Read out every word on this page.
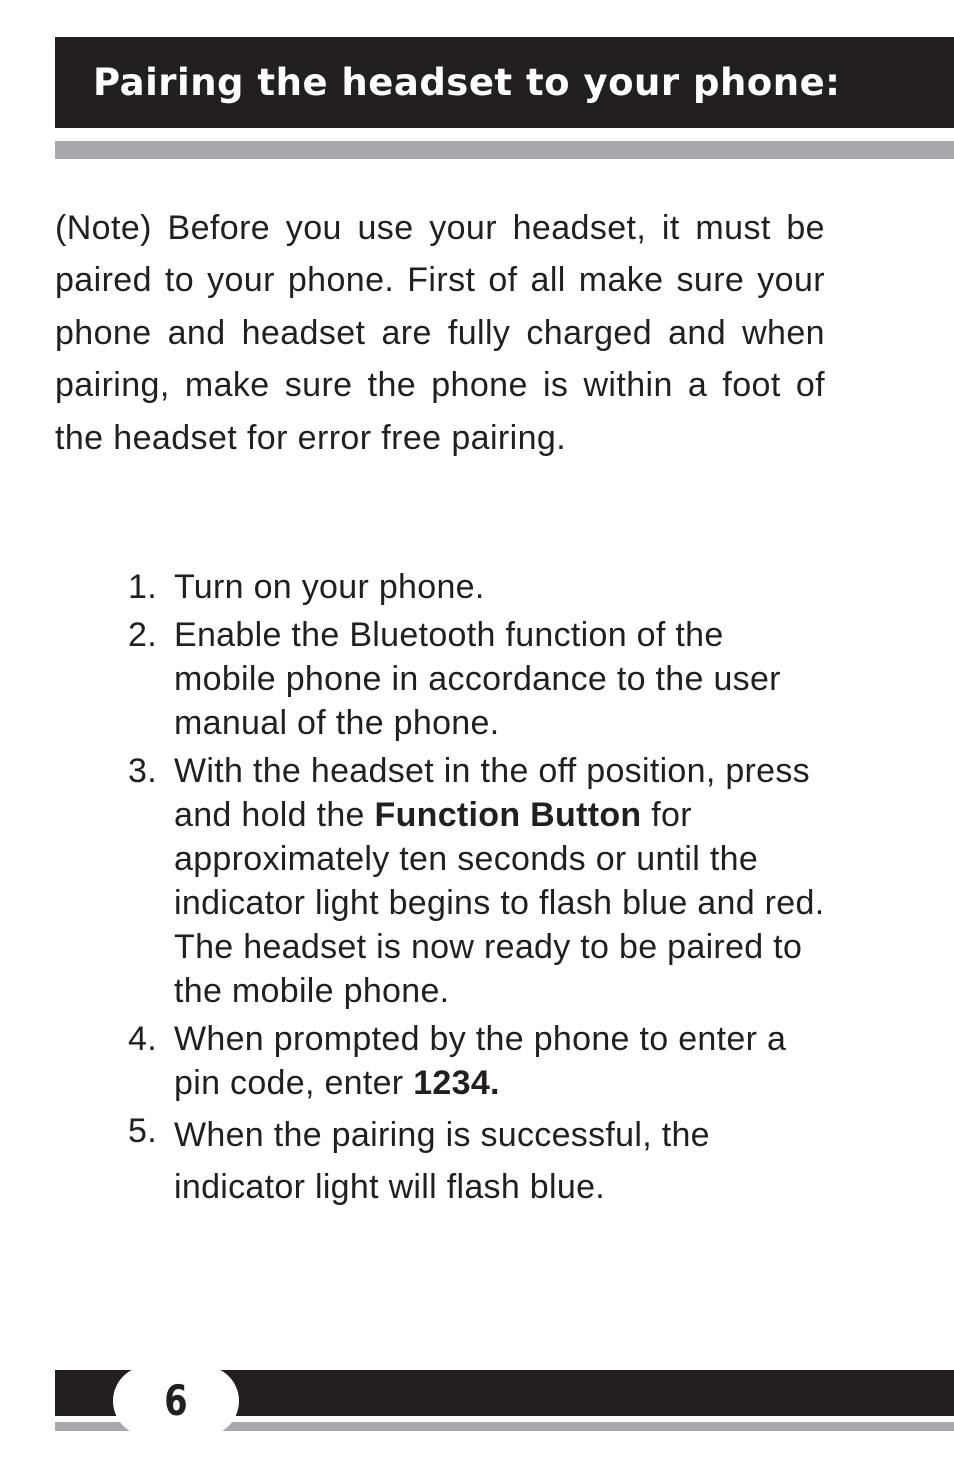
Pairing the headset to your phone:

(Note) Before you use your headset, it must be paired to your phone. First of all make sure your phone and headset are fully charged and when pairing, make sure the phone is within a foot of the headset for error free pairing.

1. Turn on your phone.
2. Enable the Bluetooth function of the mobile phone in accordance to the user manual of the phone.
3. With the headset in the off position, press and hold the Function Button for approximately ten seconds or until the indicator light begins to flash blue and red. The headset is now ready to be paired to the mobile phone.
4. When prompted by the phone to enter a pin code, enter 1234.
5. When the pairing is successful, the indicator light will flash blue.
6
